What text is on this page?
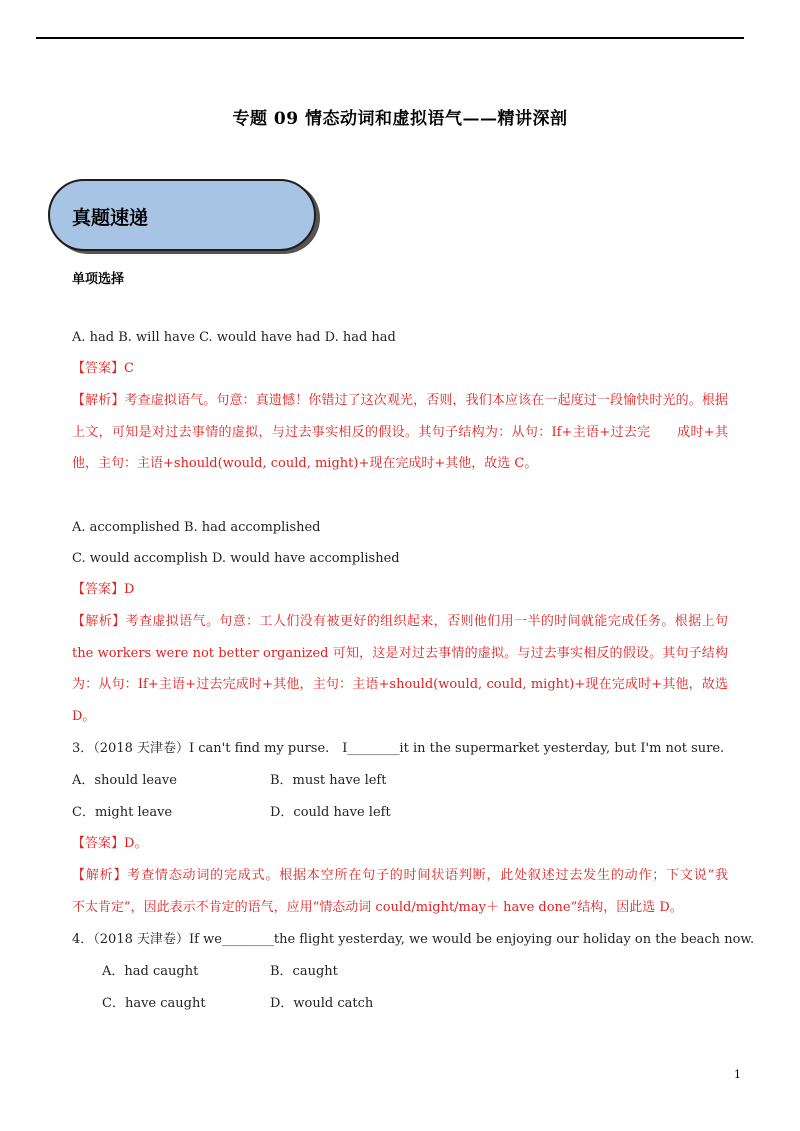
专题 09 情态动词和虚拟语气——精讲深剖
真题速递
单项选择
A. had B. will have C. would have had D. had had
【答案】C
【解析】考查虚拟语气。句意：真遗憾！你错过了这次观光，否则，我们本应该在一起度过一段愉快时光的。根据上文，可知是对过去事情的虚拟，与过去事实相反的假设。其句子结构为：从句：If+主语+过去完　　成时+其他，主句：主语+should(would, could, might)+现在完成时+其他，故选 C。
A. accomplished B. had accomplished
C. would accomplish D. would have accomplished
【答案】D
【解析】考查虚拟语气。句意：工人们没有被更好的组织起来，否则他们用一半的时间就能完成任务。根据上句 the workers were not better organized 可知，这是对过去事情的虚拟。与过去事实相反的假设。其句子结构为：从句：If+主语+过去完成时+其他，主句：主语+should(would, could, might)+现在完成时+其他，故选 D。
3．（2018 天津卷）I can't find my purse.　I________it in the supermarket yesterday, but I'm not sure.
A．should leave	B．must have left
C．might leave	D．could have left
【答案】D。
【解析】考查情态动词的完成式。根据本空所在句子的时间状语判断，此处叙述过去发生的动作；下文说“我　　不太肯定”，因此表示不肯定的语气，应用“情态动词 could/might/may＋ have done”结构，因此选 D。
4．（2018 天津卷）If we________the flight yesterday, we would be enjoying our holiday on the beach now.
A．had caught	B．caught
C．have caught	D．would catch
1
